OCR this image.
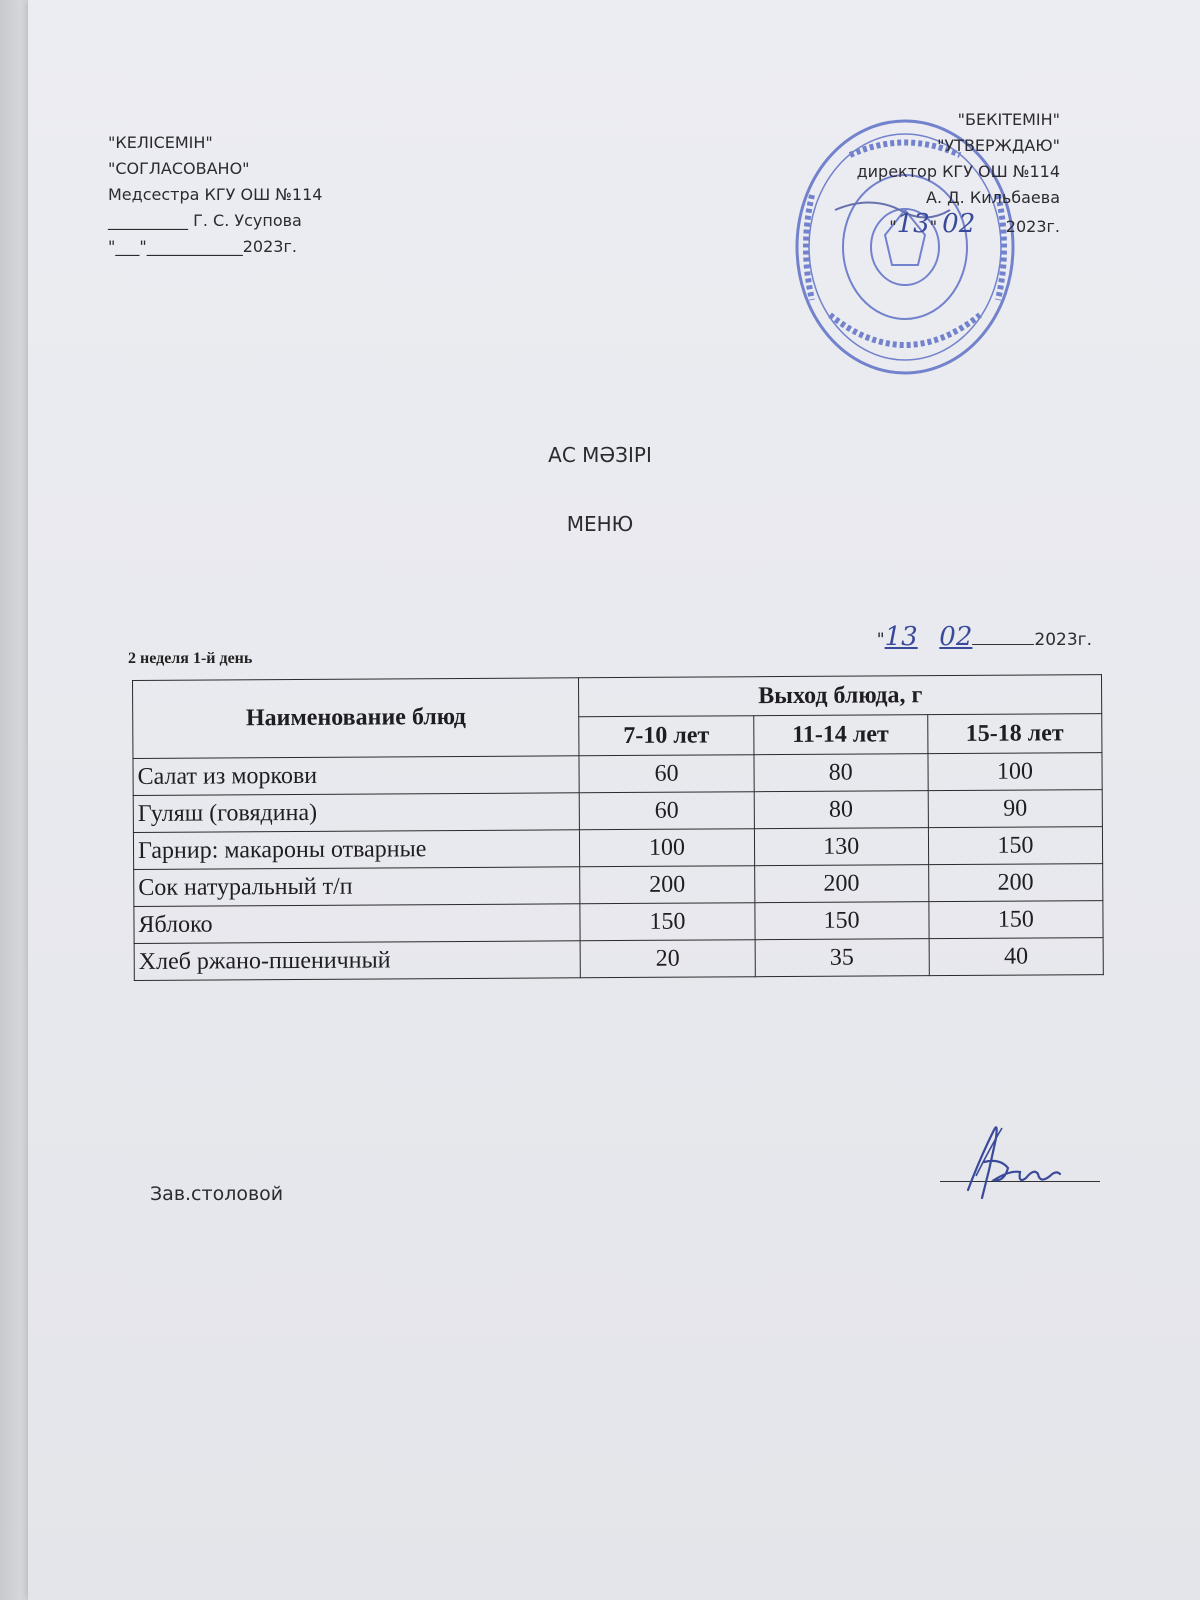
"КЕЛІСЕМІН"
"СОГЛАСОВАНО"
Медсестра КГУ ОШ №114
__________ Г. С. Усупова
"___"____________2023г.
"БЕКІТЕМІН"
"УТВЕРЖДАЮ"
директор КГУ ОШ №114
А. Д. Кильбаева
"13" 02 2023г.
АС МӘЗІРІ
МЕНЮ
"13 02	2023г.
2 неделя 1-й день
Наименование блюд	Выход блюда, г		
	7-10 лет	11-14 лет	15-18 лет
Салат из моркови	60	80	100
Гуляш (говядина)	60	80	90
Гарнир: макароны отварные	100	130	150
Сок натуральный т/п	200	200	200
Яблоко	150	150	150
Хлеб ржано-пшеничный	20	35	40
Зав.столовой
